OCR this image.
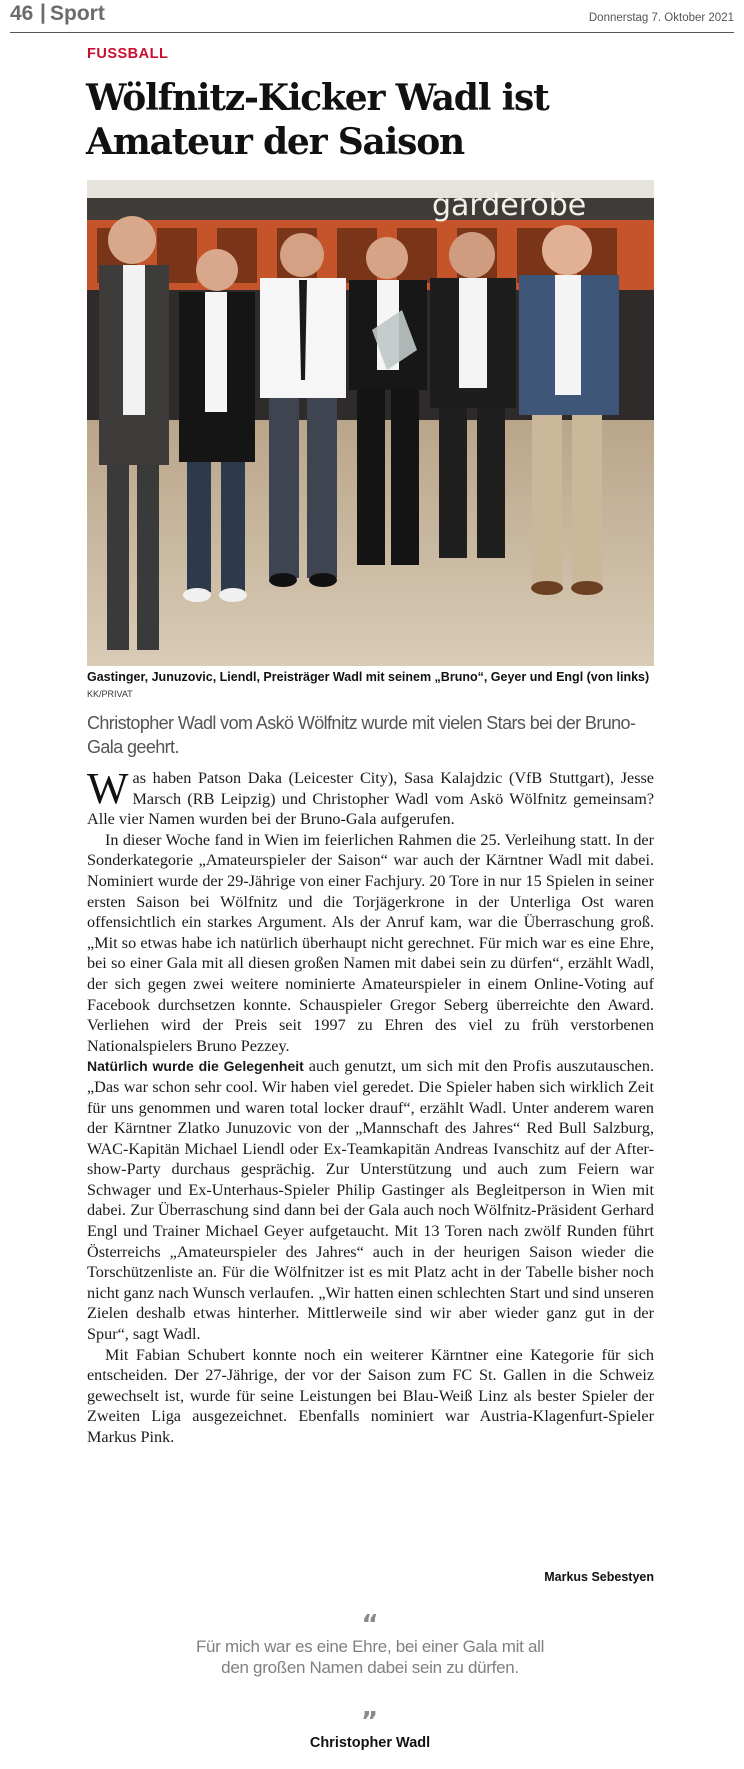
46 | Sport	Donnerstag 7. Oktober 2021
FUSSBALL
Wölfnitz-Kicker Wadl ist Amateur der Saison
garderobe
Gastinger, Junuzovic, Liendl, Preisträger Wadl mit seinem „Bruno“, Geyer und Engl (von links) KK/PRIVAT

Christopher Wadl vom Askö Wölfnitz wurde mit vielen Stars bei der Bruno-Gala geehrt.

Was haben Patson Daka (Leicester City), Sasa Kalajdzic (VfB Stuttgart), Jesse Marsch (RB Leipzig) und Christopher Wadl vom Askö Wölfnitz gemeinsam? Alle vier Namen wurden bei der Bruno-Gala aufgerufen.

In dieser Woche fand in Wien im feierlichen Rahmen die 25. Verleihung statt. In der Sonderkategorie „Amateurspieler der Saison“ war auch der Kärntner Wadl mit dabei. Nominiert wurde der 29-Jährige von einer Fachjury. 20 Tore in nur 15 Spielen in seiner ersten Saison bei Wölfnitz und die Torjägerkrone in der Unterliga Ost waren offensichtlich ein starkes Argument. Als der Anruf kam, war die Überraschung groß. „Mit so etwas habe ich natürlich überhaupt nicht gerechnet. Für mich war es eine Ehre, bei so einer Gala mit all diesen großen Namen mit dabei sein zu dürfen“, erzählt Wadl, der sich gegen zwei weitere nominierte Amateurspieler in einem Online-Voting auf Facebook durchsetzen konnte. Schauspieler Gregor Seberg überreichte den Award. Verliehen wird der Preis seit 1997 zu Ehren des viel zu früh verstorbenen Nationalspielers Bruno Pezzey.

Natürlich wurde die Gelegenheit auch genutzt, um sich mit den Profis auszutauschen. „Das war schon sehr cool. Wir haben viel geredet. Die Spieler haben sich wirklich Zeit für uns genommen und waren total locker drauf“, erzählt Wadl. Unter anderem waren der Kärntner Zlatko Junuzovic von der „Mannschaft des Jahres“ Red Bull Salzburg, WAC-Kapitän Michael Liendl oder Ex-Teamkapitän Andreas Ivanschitz auf der After-show-Party durchaus gesprächig. Zur Unterstützung und auch zum Feiern war Schwager und Ex-Unterhaus-Spieler Philip Gastinger als Begleitperson in Wien mit dabei. Zur Überraschung sind dann bei der Gala auch noch Wölfnitz-Präsident Gerhard Engl und Trainer Michael Geyer aufgetaucht. Mit 13 Toren nach zwölf Runden führt Österreichs „Amateurspieler des Jahres“ auch in der heurigen Saison wieder die Torschützenliste an. Für die Wölfnitzer ist es mit Platz acht in der Tabelle bisher noch nicht ganz nach Wunsch verlaufen. „Wir hatten einen schlechten Start und sind unseren Zielen deshalb etwas hinterher. Mittlerweile sind wir aber wieder ganz gut in der Spur“, sagt Wadl.

Mit Fabian Schubert konnte noch ein weiterer Kärntner eine Kategorie für sich entscheiden. Der 27-Jährige, der vor der Saison zum FC St. Gallen in die Schweiz gewechselt ist, wurde für seine Leistungen bei Blau-Weiß Linz als bester Spieler der Zweiten Liga ausgezeichnet. Ebenfalls nominiert war Austria-Klagenfurt-Spieler Markus Pink.

Markus Sebestyen
“
Für mich war es eine Ehre, bei einer Gala mit all den großen Namen dabei sein zu dürfen.
„
Christopher Wadl
